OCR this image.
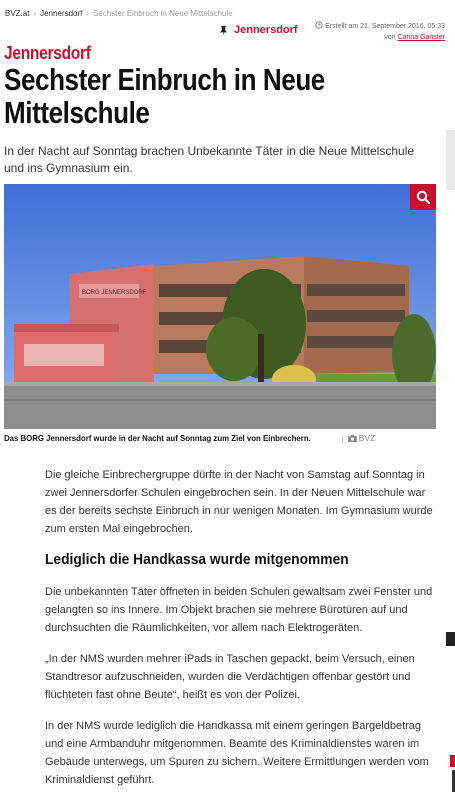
BVZ.at › Jennersdorf › Sechster Einbruch in Neue Mittelschule
Jennersdorf	Erstellt am 21. September 2016, 05:33
von Carina Ganster
Jennersdorf
Sechster Einbruch in Neue Mittelschule

In der Nacht auf Sonntag brachen Unbekannte Täter in die Neue Mittelschule und ins Gymnasium ein.

BORG JENNERSDORF
Das BORG Jennersdorf wurde in der Nacht auf Sonntag zum Ziel von Einbrechern.	| BVZ

Die gleiche Einbrechergruppe dürfte in der Nacht von Samstag auf Sonntag in zwei Jennersdorfer Schulen eingebrochen sein. In der Neuen Mittelschule war es der bereits sechste Einbruch in nur wenigen Monaten. Im Gymnasium wurde zum ersten Mal eingebrochen.

Lediglich die Handkassa wurde mitgenommen

Die unbekannten Täter öffneten in beiden Schulen gewaltsam zwei Fenster und gelangten so ins Innere. Im Objekt brachen sie mehrere Bürotüren auf und durchsuchten die Räumlichkeiten, vor allem nach Elektrogeräten.

„In der NMS wurden mehrer iPads in Taschen gepackt, beim Versuch, einen Standtresor aufzuschneiden, wurden die Verdächtigen offenbar gestört und flüchteten fast ohne Beute“, heißt es von der Polizei.

In der NMS wurde lediglich die Handkassa mit einem geringen Bargeldbetrag und eine Armbanduhr mitgenommen. Beamte des Kriminaldienstes waren im Gebäude unterwegs, um Spuren zu sichern. Weitere Ermittlungen werden vom Kriminaldienst geführt.
